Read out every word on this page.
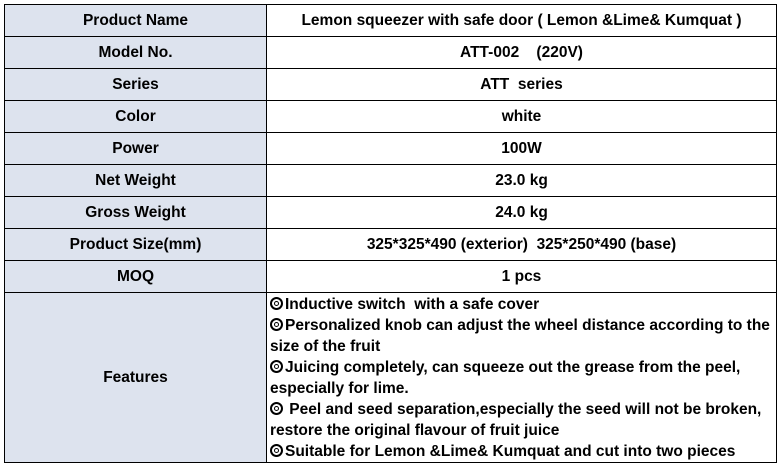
Product Name	Lemon squeezer with safe door ( Lemon &Lime& Kumquat )
Model No.	ATT-002    (220V)
Series	ATT  series
Color	white
Power	100W
Net Weight	23.0 kg
Gross Weight	24.0 kg
Product Size(mm)	325*325*490 (exterior)  325*250*490 (base)
MOQ	1 pcs
Features	Inductive switch  with a safe cover
Personalized knob can adjust the wheel distance according to the size of the fruit
Juicing completely, can squeeze out the grease from the peel, especially for lime.
Peel and seed separation,especially the seed will not be broken, restore the original flavour of fruit juice
Suitable for Lemon &Lime& Kumquat and cut into two pieces
